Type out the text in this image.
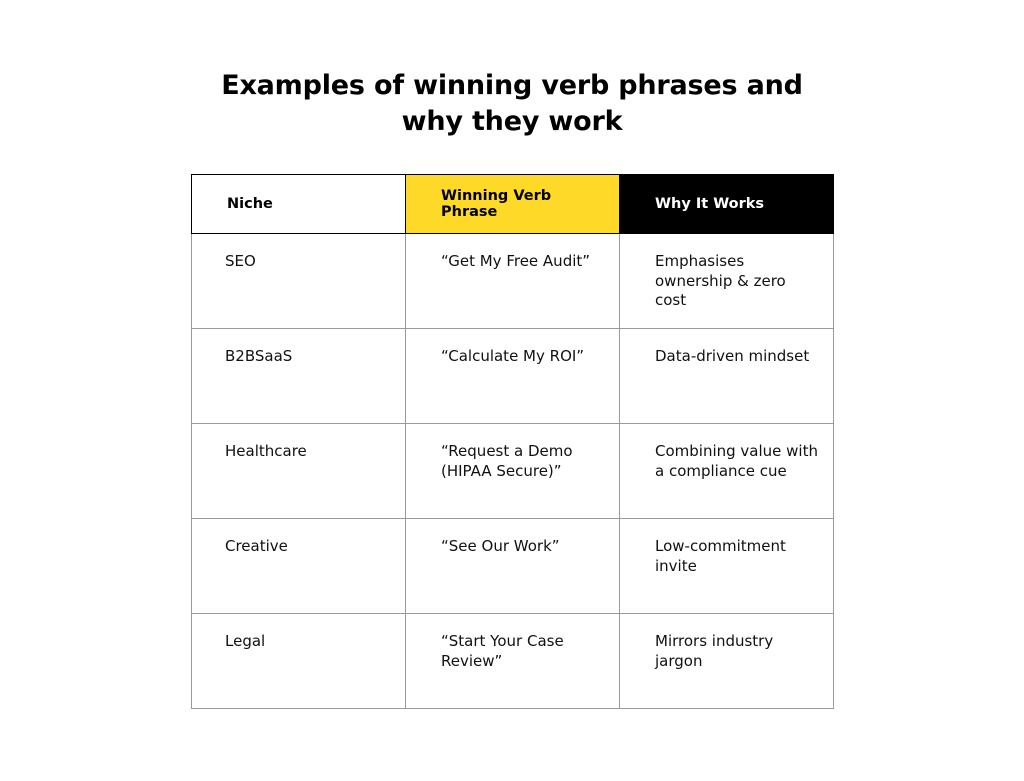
Examples of winning verb phrases and
why they work
Niche	Winning Verb Phrase	Why It Works

SEO	“Get My Free Audit”	Emphasises ownership & zero cost

B2BSaaS	“Calculate My ROI”	Data-driven mindset

Healthcare	“Request a Demo (HIPAA Secure)”	Combining value with a compliance cue

Creative	“See Our Work”	Low-commitment invite

Legal	“Start Your Case Review”	Mirrors industry jargon
